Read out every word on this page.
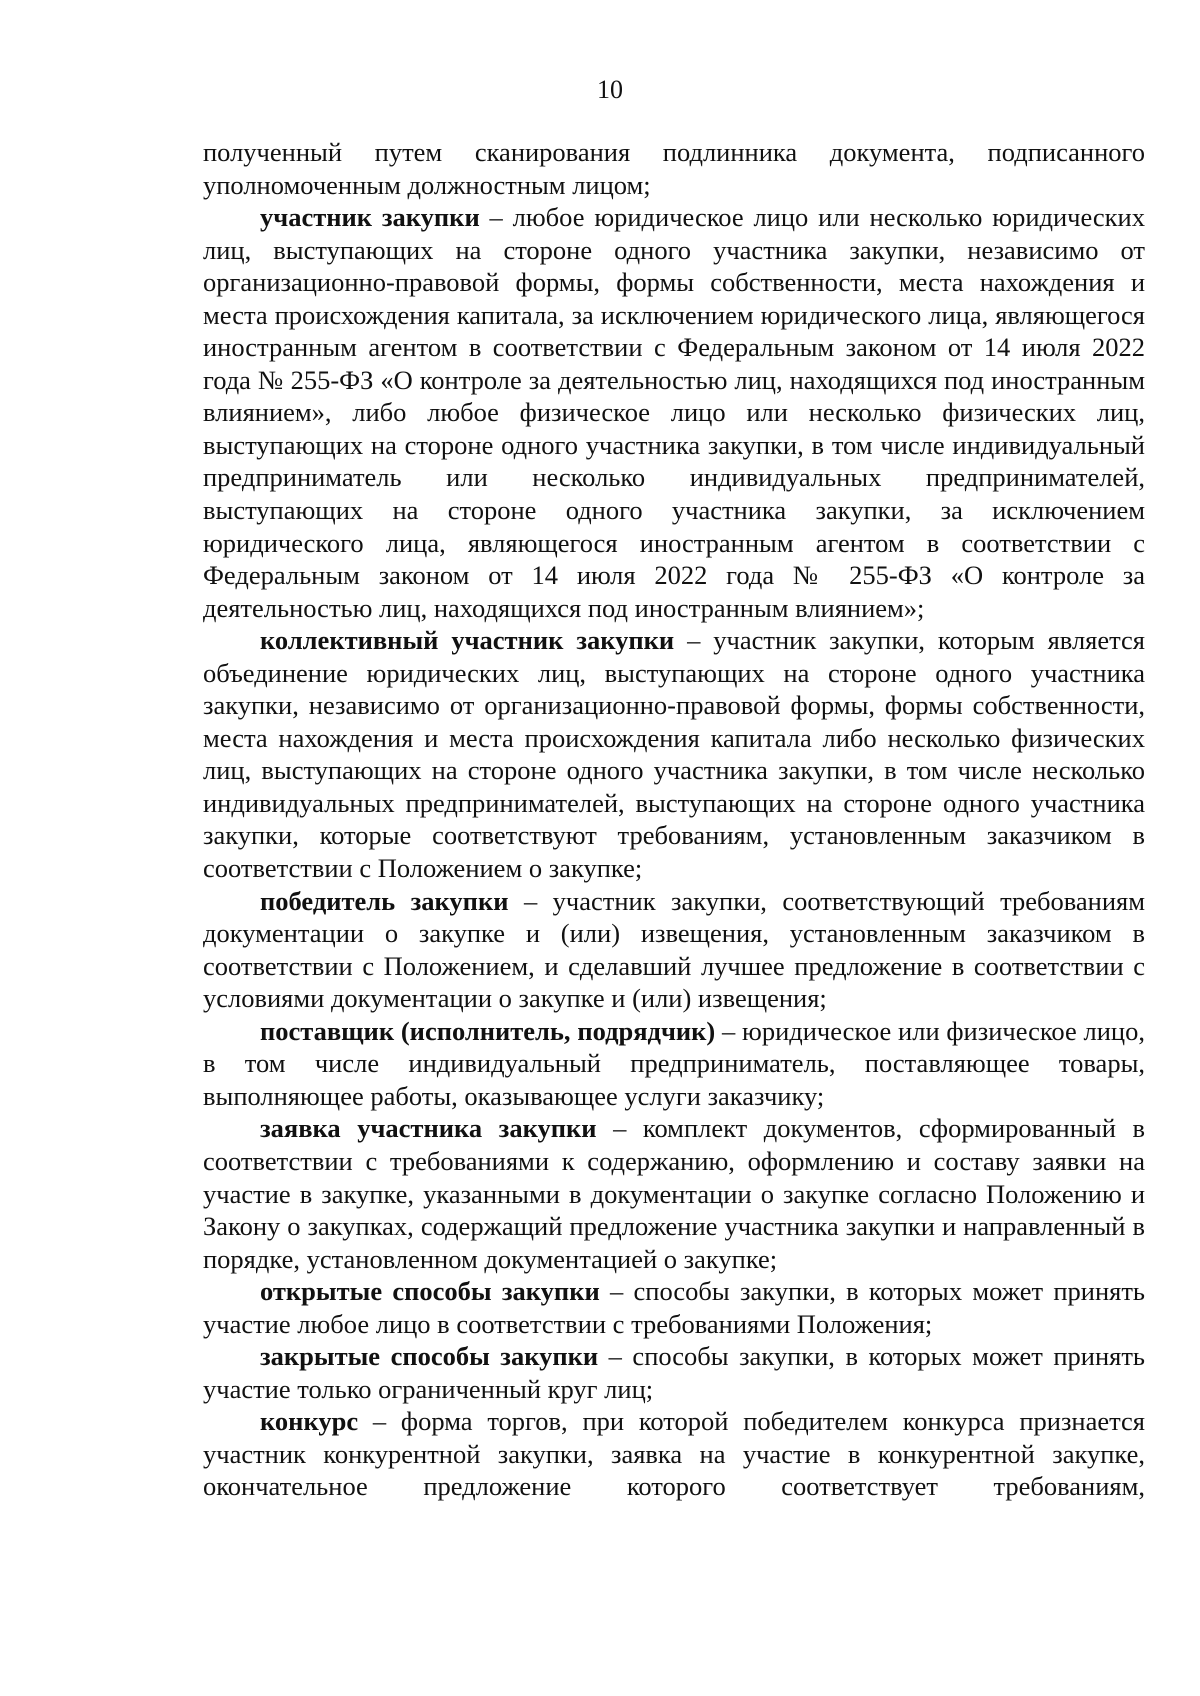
10

полученный путем сканирования подлинника документа, подписанного уполномоченным должностным лицом;

участник закупки – любое юридическое лицо или несколько юридических лиц, выступающих на стороне одного участника закупки, независимо от организационно-правовой формы, формы собственности, места нахождения и места происхождения капитала, за исключением юридического лица, являющегося иностранным агентом в соответствии с Федеральным законом от 14 июля 2022 года № 255-ФЗ «О контроле за деятельностью лиц, находящихся под иностранным влиянием», либо любое физическое лицо или несколько физических лиц, выступающих на стороне одного участника закупки, в том числе индивидуальный предприниматель или несколько индивидуальных предпринимателей, выступающих на стороне одного участника закупки, за исключением юридического лица, являющегося иностранным агентом в соответствии с Федеральным законом от 14 июля 2022 года № 255-ФЗ «О контроле за деятельностью лиц, находящихся под иностранным влиянием»;

коллективный участник закупки – участник закупки, которым является объединение юридических лиц, выступающих на стороне одного участника закупки, независимо от организационно-правовой формы, формы собственности, места нахождения и места происхождения капитала либо несколько физических лиц, выступающих на стороне одного участника закупки, в том числе несколько индивидуальных предпринимателей, выступающих на стороне одного участника закупки, которые соответствуют требованиям, установленным заказчиком в соответствии с Положением о закупке;

победитель закупки – участник закупки, соответствующий требованиям документации о закупке и (или) извещения, установленным заказчиком в соответствии с Положением, и сделавший лучшее предложение в соответствии с условиями документации о закупке и (или) извещения;

поставщик (исполнитель, подрядчик) – юридическое или физическое лицо, в том числе индивидуальный предприниматель, поставляющее товары, выполняющее работы, оказывающее услуги заказчику;

заявка участника закупки – комплект документов, сформированный в соответствии с требованиями к содержанию, оформлению и составу заявки на участие в закупке, указанными в документации о закупке согласно Положению и Закону о закупках, содержащий предложение участника закупки и направленный в порядке, установленном документацией о закупке;

открытые способы закупки – способы закупки, в которых может принять участие любое лицо в соответствии с требованиями Положения;

закрытые способы закупки – способы закупки, в которых может принять участие только ограниченный круг лиц;

конкурс – форма торгов, при которой победителем конкурса признается участник конкурентной закупки, заявка на участие в конкурентной закупке, окончательное предложение которого соответствует требованиям,
